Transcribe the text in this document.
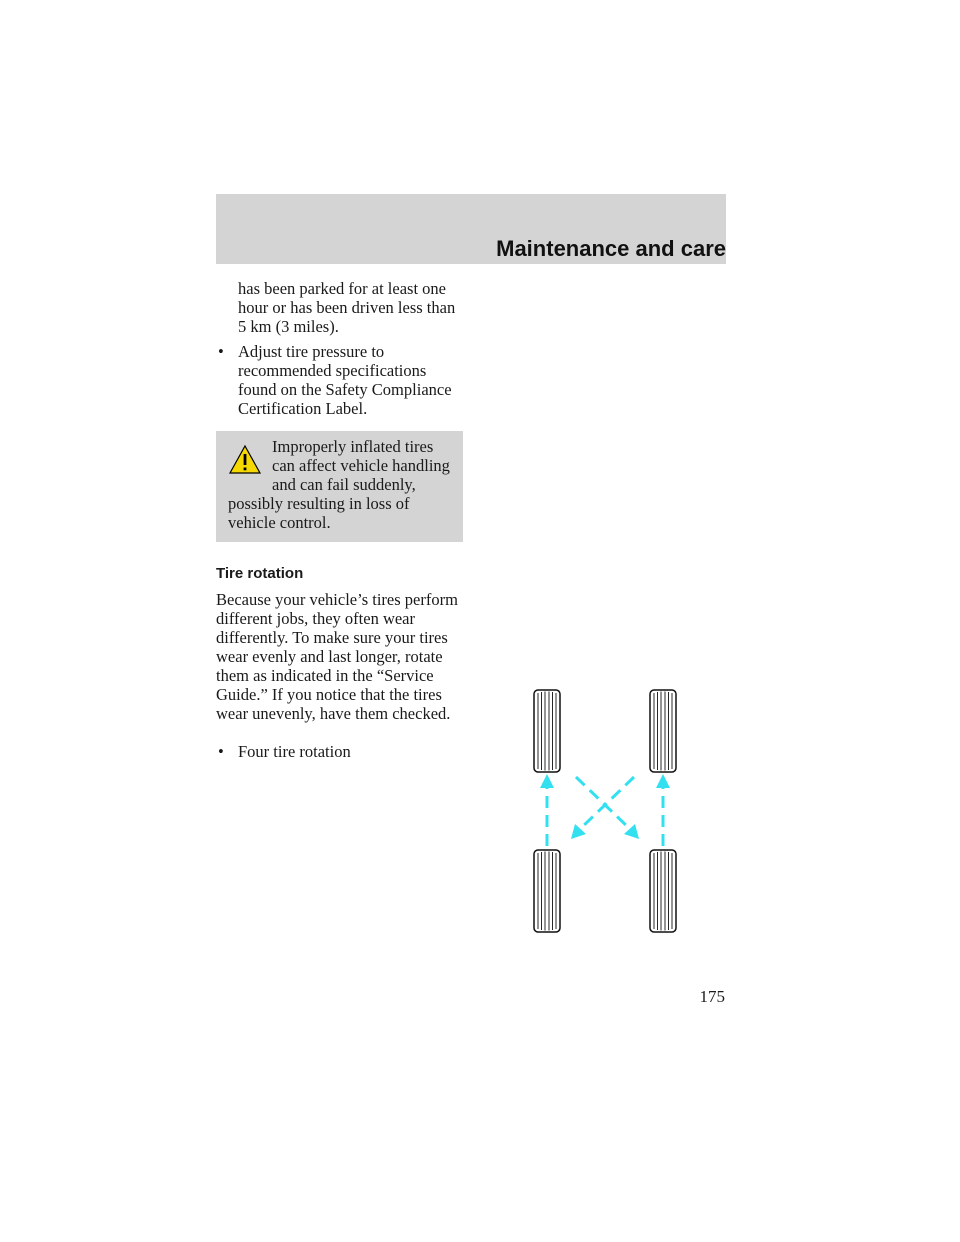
Maintenance and care
has been parked for at least one hour or has been driven less than 5 km (3 miles).
• Adjust tire pressure to recommended specifications found on the Safety Compliance Certification Label.
Improperly inflated tires can affect vehicle handling and can fail suddenly, possibly resulting in loss of vehicle control.
Tire rotation
Because your vehicle’s tires perform different jobs, they often wear differently. To make sure your tires wear evenly and last longer, rotate them as indicated in the “Service Guide.” If you notice that the tires wear unevenly, have them checked.
• Four tire rotation
175
